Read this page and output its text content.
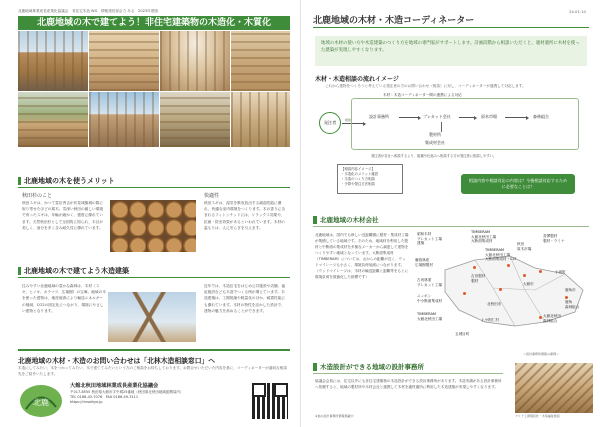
北鹿地域林業成長産業化協議会　非住宅木造 WG　情報発信部会力 ある　2023年度版
北鹿地域の木で建てよう！非住宅建築物の木造化・木質化
北鹿地域の木を使うメリット
秋田杉のこと
秋田スギは、かつて豊臣秀吉が伏見城築城の際に取り寄せたほどの銘木。雪深い秋田の厳しい環境で育ったスギは、年輪が細かく、強度に優れています。天然秋田杉として全国的に知られ、木目が美しく、油分を多く含み耐久性に優れています。
快適性
秋田スギは、湿気を吸収放出する調湿性能に優れ、快適な室内環境をつくります。木の香りに含まれるフィトンチッドには、リラックス効果や、抗菌・防虫効果があるといわれています。木材の温もりは、人に安らぎを与えます。
北鹿地域の木で建てよう木造建築
住みやすい北鹿地域の豊かな森林は、木材（スギ、ヒノキ、カラマツ、広葉樹）の宝庫。地域の木を使った建物は、地産地消により輸送エネルギーの削減、CO2の固定化につながり、環境にやさしい建物となります。
近年では、木造住宅をはじめ公共施設や店舗、福祉施設なども木造でつくる例が増えています。木造建築は、工期短縮や軽量化のほか、耐震性能にも優れています。木材の特性を活かした設計で、建物の魅力を高めることができます。
北鹿地域の木材・木造のお問い合わせは「北林木造相談窓口」へ
木造にしてみたい、木をつかってみたい、木で建ててみたいという方のご相談をお待ちしております。お問合せいただいた内容を基に、コーディネーターが適切な相談先をご紹介いたします。
北鹿
大館北秋田地域林業成長産業化協議会
〒017-8555 秋田県大館市字中城25番地（秋田県北秋田地域振興局内）
TEL 0186-43-7076　FAX 0186-49-3111
https://rinseikyo.jp
24.01.10
北鹿地域の木材・木造コーディネーター
地域の木材の使い方や木造建築のつくり方を地域の専門家がサポートします。計画段階から相談いただくと、適材適所に木材を使った建築が実現しやすくなります。
木材・木造相談の流れイメージ
これから建物をつくろうと考えている発注者の方のお問い合わせ（相談）に対し、コーディネーターが連携して対応します。
発注者	相談
木材・木造コーディネーター間の連携による対応
設計事務所	プレカット会社	原木市場	森林組合
製材所
集成材会社
発注者が各社へ相談するより、組織や仕組みへ相談する方が発注者に相談しやすい。
【相談内容イメージ】
・木造化のメリット確認
・木造のつくり方相談
・予算や発注方法相談
相談内容や相談対応の内容は？今後相談対応するために必要なことは？
北鹿地域の木材会社
北鹿地域は、国内でも珍しい近距離圏に製材・集成材工場が集積している地域です。そのため、地域材を利用した製材と中断面の集成材を多様なメーカーから調達して建物をつくりやすい地域となっています。大断面集成材（TIMBERAM）については、山からの距離が近く、ウッドマイレージも小さく、環境負荷低減につながります。（ウッドマイレージは、木材の輸送距離と距離等をもとに環境負荷を数値化した指標です）
昭和木材
プレカット工場
建築
TIMBERAM
大館北秋田工場
大断面集成材
藤島林産
広葉樹製材
TIMBERAM
大館北秋田工場
大断面集成材・CLT
秋田
原木市場
香澤製材
製材・ラミナ
古河林業
プレカット工場
ニッポン
中小断面集成材
TIMBERAM
大館北秋田工場
吉田製材
製材
小坂町
大館市
鹿角市
五城目町
鹿角
森林組合
大館北秋田
森林組合
北秋田市
上小阿仁村
木造設計ができる地域の設計事務所
協議会会員には、住宅以外にも非住宅建築物の木造設計ができる設計事務所があります。木造実績がある設計事務所へ依頼すると、地域の製材所や木材会社と連携して木材を適材適所に利用した木造建築が実現しやすくなります。
＜設計事務所情報の事例＞
アリア工建築設計・木造福祉施設
※他の設計事務所情報掲載中
